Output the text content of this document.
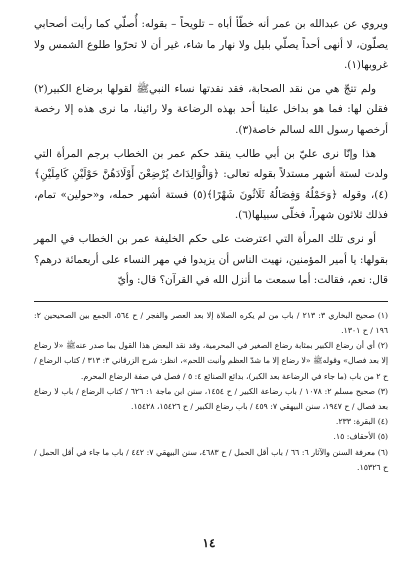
ويروي عن عبدالله بن عمر أنه خطّأ أباه – تلويحاً – بقوله: أُصلّي كما رأيت أصحابي يصلّون، لا أنهى أحداً يصلّي بليل ولا نهار ما شاء، غير أن لا تحرّوا طلوع الشمس ولا غروبها(١).

ولم تتجّ هي من نقد الصحابة، فقد نقدتها نساء النبيﷺ لقولها برضاع الكبير(٢) فقلن لها: فما هو بداخل علينا أحد بهذه الرضاعة ولا رائينا، ما نرى هذه إلا رخصة أرخصها رسول الله لسالم خاصة(٣).

هذا وإنّا نرى عليّ بن أبي طالب ينقد حكم عمر بن الخطاب برجم المرأة التي ولدت لستة أشهر مستدلاً بقوله تعالى: ﴿وَالْوَالِدَاتُ يُرْضِعْنَ أَوْلَادَهُنَّ حَوْلَيْنِ كَامِلَيْنِ﴾(٤)، وقوله ﴿وَحَمْلُهُ وَفِصَالُهُ ثَلَاثُونَ شَهْرًا﴾(٥) فستة أشهر حمله، و«حولين» تمام، فذلك ثلاثون شهراً، فخلّى سبيلها(٦).

أو نرى تلك المرأة التي اعترضت على حكم الخليفة عمر بن الخطاب في المهر بقولها: يا أمير المؤمنين، نهيت الناس أن يزيدوا في مهر النساء على أربعمائة درهم؟ قال: نعم، فقالت: أما سمعت ما أنزل الله في القرآن؟ قال: وأيّ

(١) صحيح البخاري ٣: ٢١٣ / باب من لم يكره الصلاة إلا بعد العصر والفجر / ح ٥٦٤، الجمع بين الصحيحين ٢: ١٩٦ / ح ١٣٠١.
(٢) أي أن رضاع الكبير بمثابة رضاع الصغير في المحرمية، وقد نقد البعض هذا القول بما صدر عنهﷺ «لا رضاع إلا بعد فصال» وقولهﷺ «لا رضاع إلا ما شدّ العظم وأنبت اللحم»، انظر: شرح الزرقاني ٣: ٣١٣ / كتاب الرضاع / ح ٢ من باب (ما جاء في الرضاعة بعد الكبر)، بدائع الصنائع ٤: ٥ / فصل في صفة الرضاع المحرم.
(٣) صحيح مسلم ٢: ١٠٧٨ / باب رضاعة الكبير / ح ١٤٥٤، سنن ابن ماجة ١: ٦٢٦ / كتاب الرضاع / باب لا رضاع بعد فصال / ح ١٩٤٧، سنن البيهقي ٧: ٤٥٩ / باب رضاع الكبير / ح ١٥٤٢٦، ١٥٤٢٨.
(٤) البقرة: ٢٣٣.
(٥) الأحقاف: ١٥.
(٦) معرفة السنن والآثار ٦: ٦٦ / باب أقل الحمل / ح ٤٦٨٣، سنن البيهقي ٧: ٤٤٢ / باب ما جاء في أقل الحمل / ح ١٥٣٢٦.
١٤
